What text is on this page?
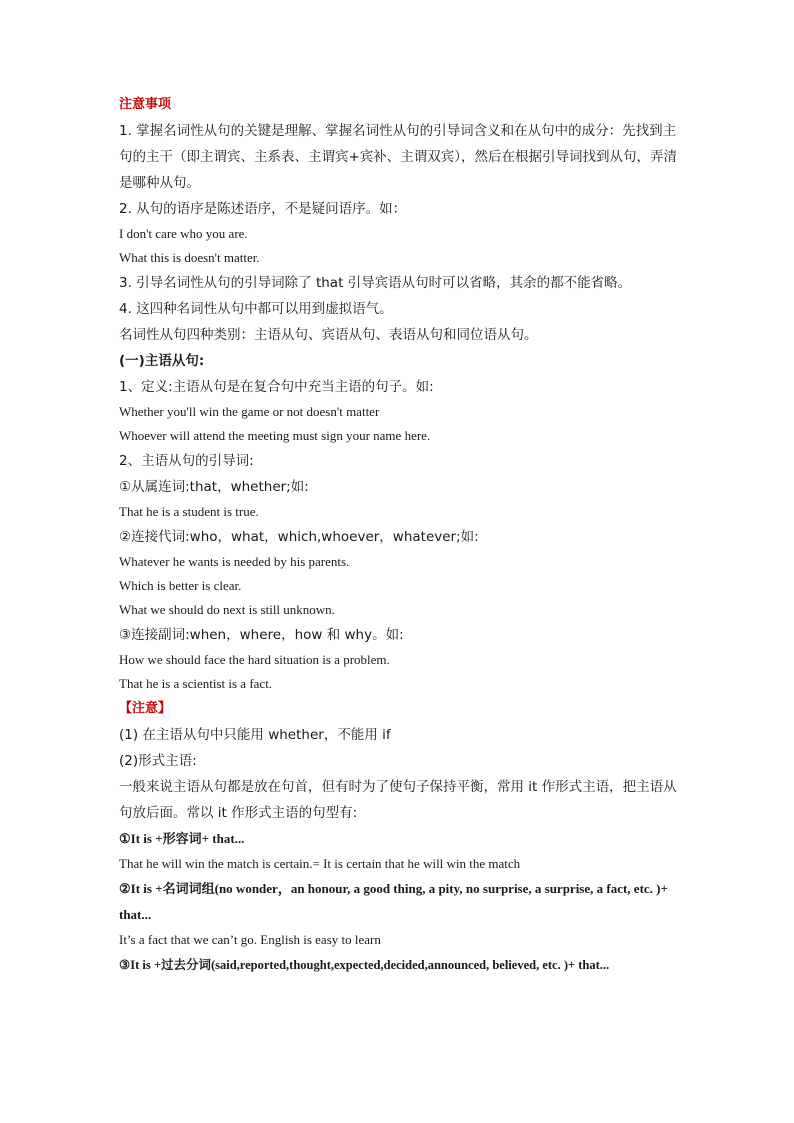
注意事项
1. 掌握名词性从句的关键是理解、掌握名词性从句的引导词含义和在从句中的成分：先找到主句的主干（即主谓宾、主系表、主谓宾+宾补、主谓双宾），然后在根据引导词找到从句，弄清是哪种从句。
2. 从句的语序是陈述语序，不是疑问语序。如：
I don't care who you are.
What this is doesn't matter.
3. 引导名词性从句的引导词除了 that 引导宾语从句时可以省略，其余的都不能省略。
4. 这四种名词性从句中都可以用到虚拟语气。
名词性从句四种类别：主语从句、宾语从句、表语从句和同位语从句。
(一)主语从句:
1、定义:主语从句是在复合句中充当主语的句子。如:
Whether you'll win the game or not doesn't matter
Whoever will attend the meeting must sign your name here.
2、主语从句的引导词:
①从属连词:that，whether;如:
That he is a student is true.
②连接代词:who，what，which,whoever，whatever;如:
Whatever he wants is needed by his parents.
Which is better is clear.
What we should do next is still unknown.
③连接副词:when，where，how 和 why。如:
How we should face the hard situation is a problem.
That he is a scientist is a fact.
【注意】
(1) 在主语从句中只能用 whether，不能用 if
(2)形式主语:
一般来说主语从句都是放在句首，但有时为了使句子保持平衡，常用 it 作形式主语，把主语从句放后面。常以 it 作形式主语的句型有:
①It is +形容词+ that...
That he will win the match is certain.= It is certain that he will win the match
②It is +名词词组(no wonder，an honour, a good thing, a pity, no surprise, a surprise, a fact, etc. )+ that...
It’s a fact that we can’t go. English is easy to learn
③It is +过去分词(said,reported,thought,expected,decided,announced, believed, etc. )+ that...
